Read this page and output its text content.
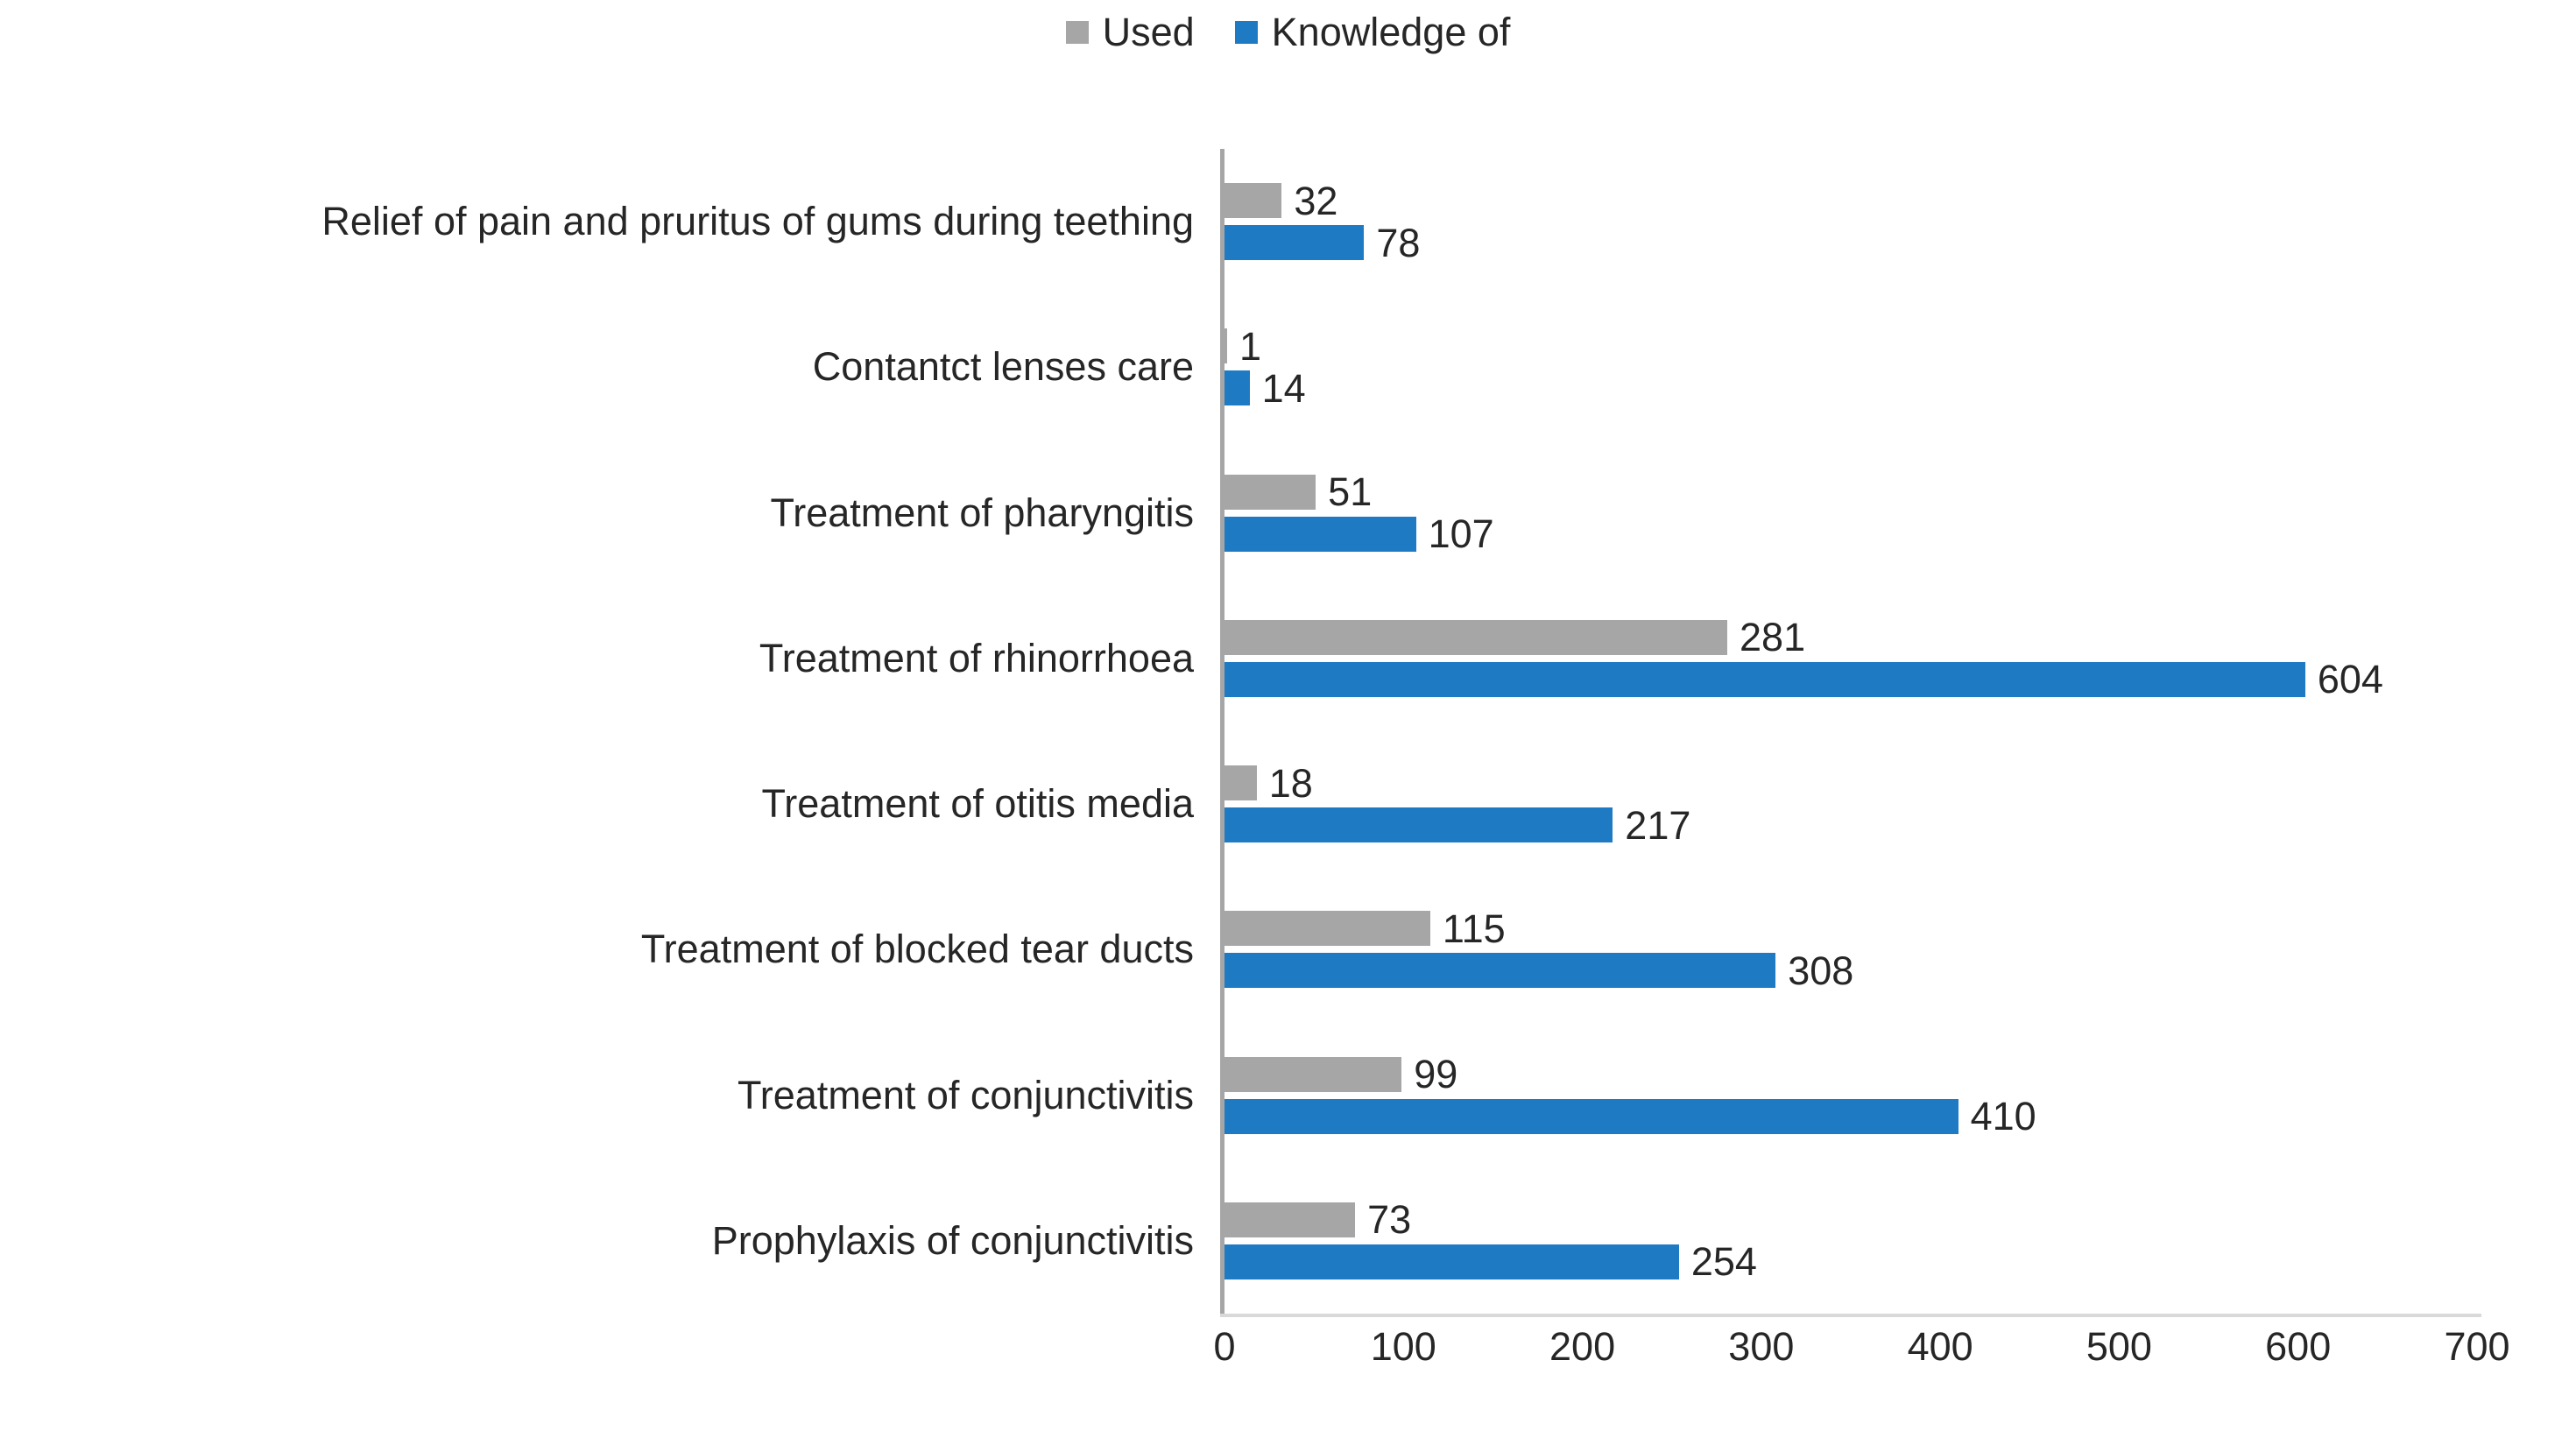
Used Knowledge of
Prophylaxis of conjunctivitis
Treatment of conjunctivitis
Treatment of blocked tear ducts
Treatment of otitis media
Treatment of rhinorrhoea
Treatment of pharyngitis
Contantct lenses care
Relief of pain and pruritus of gums during teething
73
254
99
410
115
308
18
217
281
604
51
107
1
14
32
78
0	100	200	300	400	500	600	700
